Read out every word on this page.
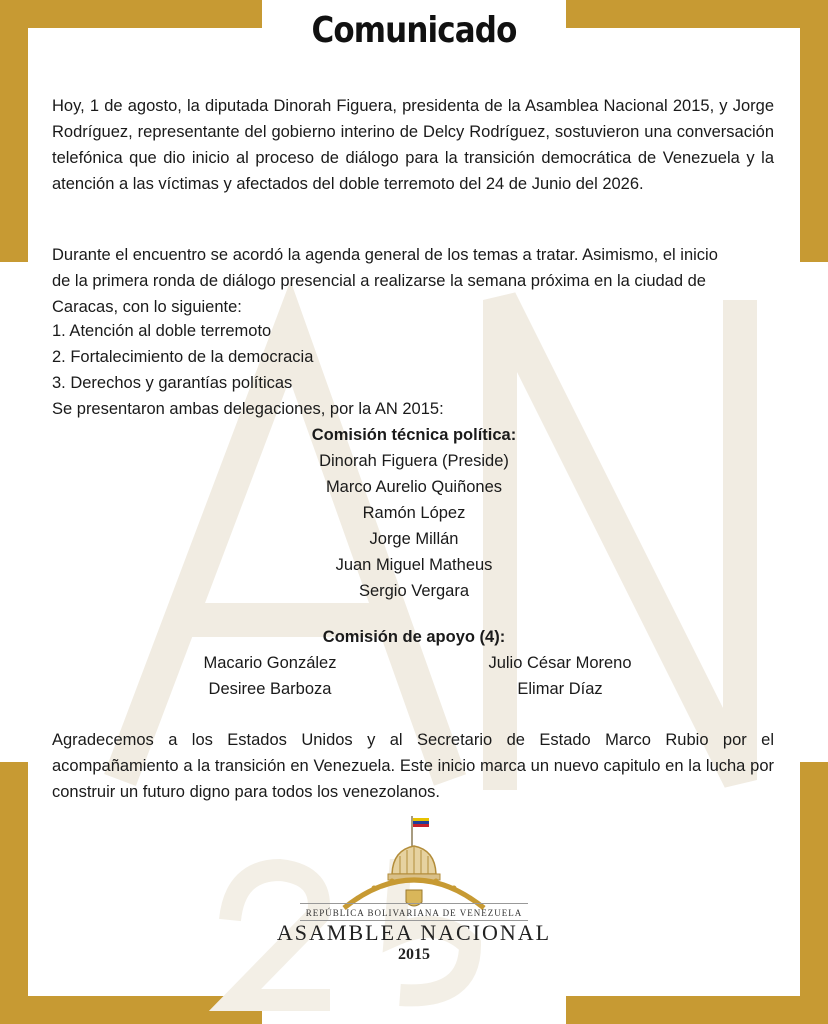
Comunicado
Hoy, 1 de agosto, la diputada Dinorah Figuera, presidenta de la Asamblea Nacional 2015, y Jorge Rodríguez, representante del gobierno interino de Delcy Rodríguez, sostuvieron una conversación telefónica que dio inicio al proceso de diálogo para la transición democrática de Venezuela y la atención a las víctimas y afectados del doble terremoto del 24 de Junio del 2026.
Durante el encuentro se acordó la agenda general de los temas a tratar. Asimismo, el inicio
de la primera ronda de diálogo presencial a realizarse la semana próxima en la ciudad de
Caracas, con lo siguiente:
1. Atención al doble terremoto
2. Fortalecimiento de la democracia
3. Derechos y garantías políticas
Se presentaron ambas delegaciones, por la AN 2015:
Comisión técnica política:
Dinorah Figuera (Preside)
Marco Aurelio Quiñones
Ramón López
Jorge Millán
Juan Miguel Matheus
Sergio Vergara
Comisión de apoyo (4):
Macario González
Desiree Barboza
Julio César Moreno
Elimar Díaz
Agradecemos a los Estados Unidos y al Secretario de Estado Marco Rubio por el acompañamiento a la transición en Venezuela. Este inicio marca un nuevo capitulo en la lucha por construir un futuro digno para todos los venezolanos.
REPÚBLICA BOLIVARIANA DE VENEZUELA
ASAMBLEA NACIONAL
2015
